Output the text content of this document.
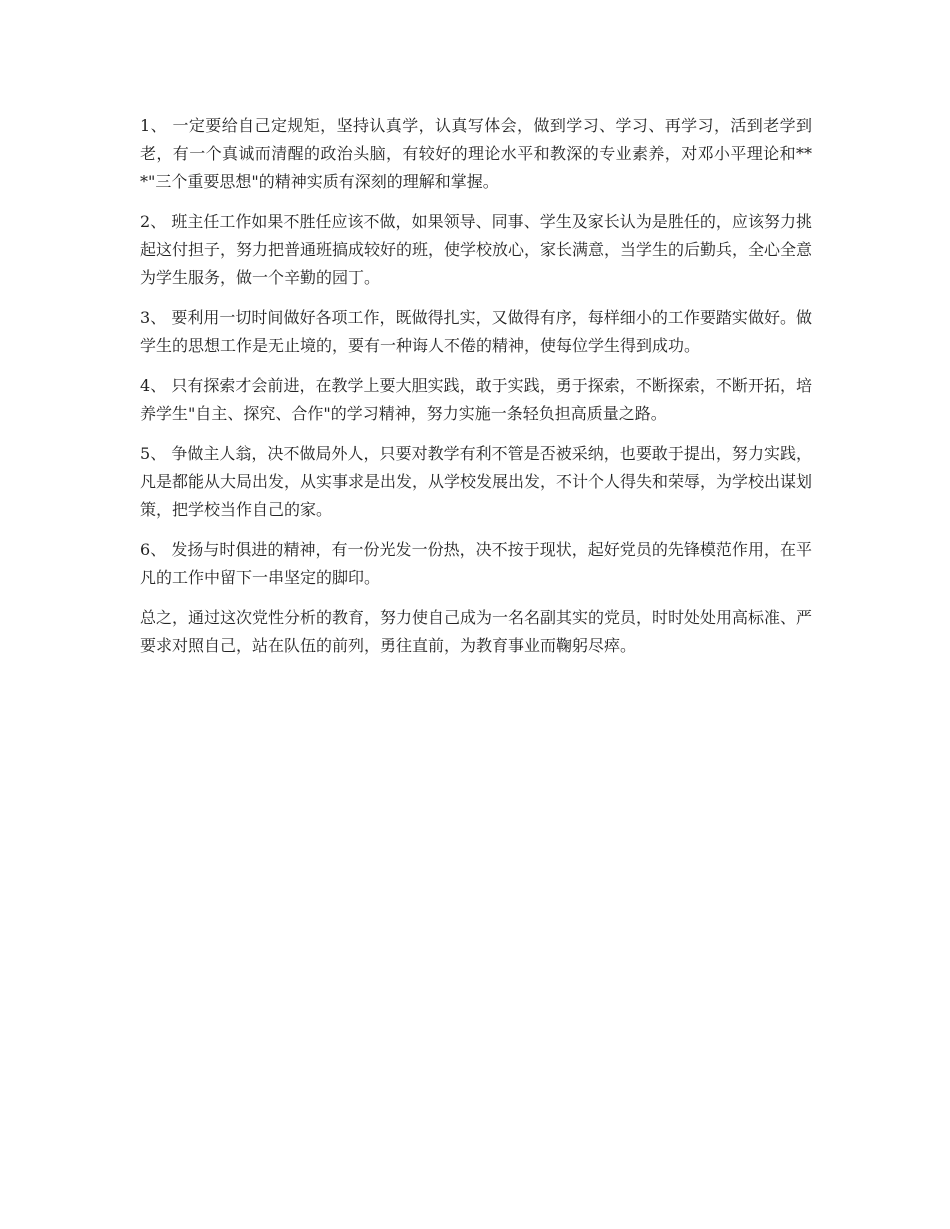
1、 一定要给自己定规矩，坚持认真学，认真写体会，做到学习、学习、再学习，活到老学到老，有一个真诚而清醒的政治头脑，有较好的理论水平和教深的专业素养，对邓小平理论和***"三个重要思想"的精神实质有深刻的理解和掌握。

2、 班主任工作如果不胜任应该不做，如果领导、同事、学生及家长认为是胜任的，应该努力挑起这付担子，努力把普通班搞成较好的班，使学校放心，家长满意，当学生的后勤兵，全心全意为学生服务，做一个辛勤的园丁。

3、 要利用一切时间做好各项工作，既做得扎实，又做得有序，每样细小的工作要踏实做好。做学生的思想工作是无止境的，要有一种诲人不倦的精神，使每位学生得到成功。

4、 只有探索才会前进，在教学上要大胆实践，敢于实践，勇于探索，不断探索，不断开拓，培养学生"自主、探究、合作"的学习精神，努力实施一条轻负担高质量之路。

5、 争做主人翁，决不做局外人，只要对教学有利不管是否被采纳，也要敢于提出，努力实践，凡是都能从大局出发，从实事求是出发，从学校发展出发，不计个人得失和荣辱，为学校出谋划策，把学校当作自己的家。

6、 发扬与时俱进的精神，有一份光发一份热，决不按于现状，起好党员的先锋模范作用，在平凡的工作中留下一串坚定的脚印。

总之，通过这次党性分析的教育，努力使自己成为一名名副其实的党员，时时处处用高标准、严要求对照自己，站在队伍的前列，勇往直前，为教育事业而鞠躬尽瘁。
